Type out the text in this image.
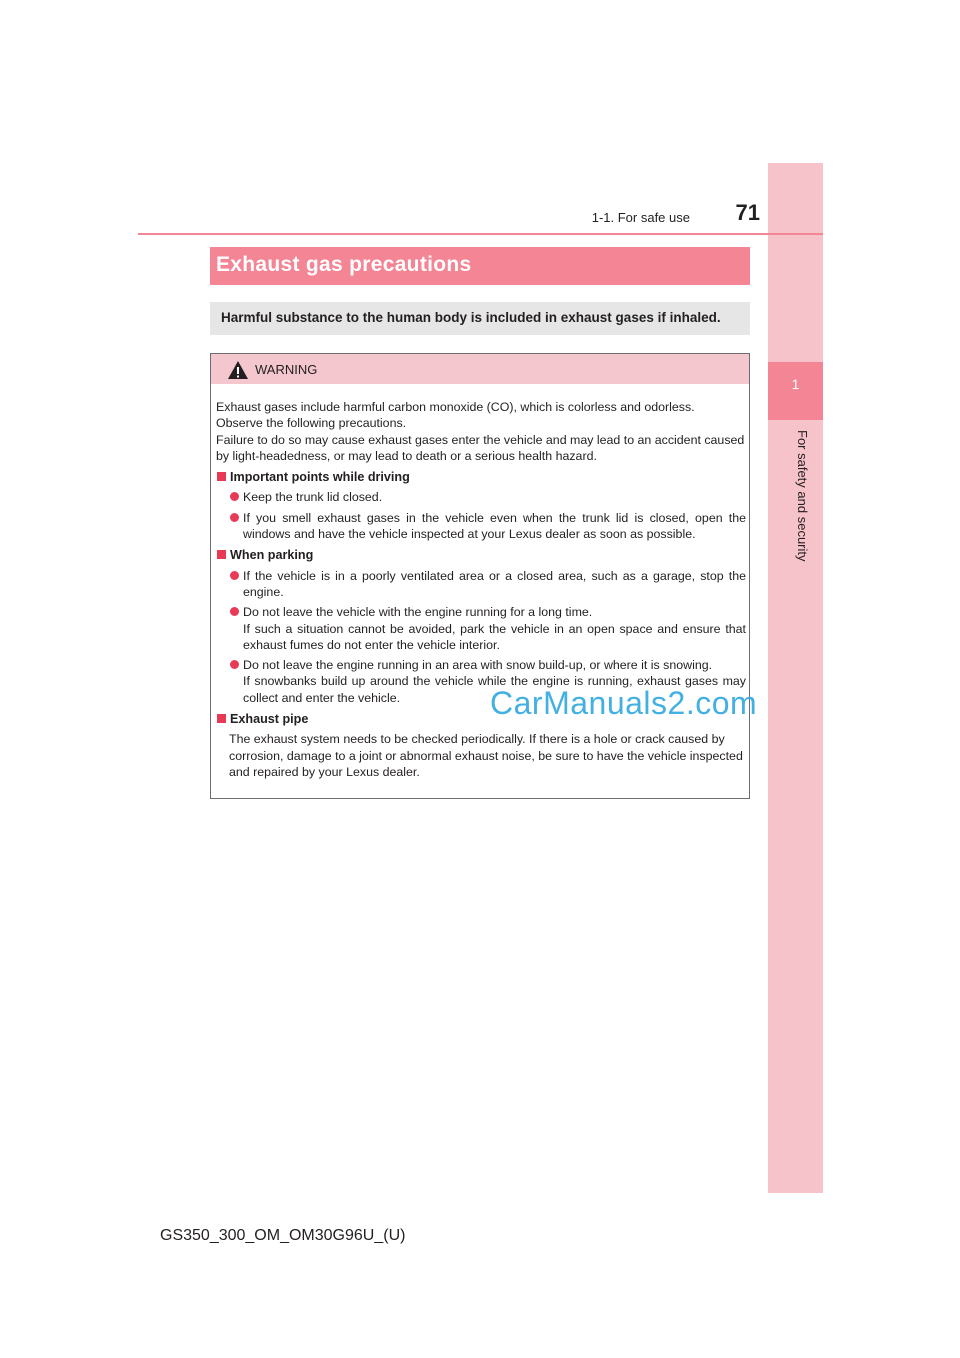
1
For safety and security
1-1. For safe use	71
Exhaust gas precautions
Harmful substance to the human body is included in exhaust gases if inhaled.
WARNING

Exhaust gases include harmful carbon monoxide (CO), which is colorless and odorless.

Observe the following precautions.

Failure to do so may cause exhaust gases enter the vehicle and may lead to an accident caused by light-headedness, or may lead to death or a serious health hazard.

Important points while driving

Keep the trunk lid closed.
If you smell exhaust gases in the vehicle even when the trunk lid is closed, open the windows and have the vehicle inspected at your Lexus dealer as soon as possible.

When parking

If the vehicle is in a poorly ventilated area or a closed area, such as a garage, stop the engine.
Do not leave the vehicle with the engine running for a long time.
If such a situation cannot be avoided, park the vehicle in an open space and ensure that exhaust fumes do not enter the vehicle interior.
Do not leave the engine running in an area with snow build-up, or where it is snowing.
If snowbanks build up around the vehicle while the engine is running, exhaust gases may collect and enter the vehicle.

Exhaust pipe

The exhaust system needs to be checked periodically. If there is a hole or crack caused by corrosion, damage to a joint or abnormal exhaust noise, be sure to have the vehicle inspected and repaired by your Lexus dealer.

CarManuals2.com
GS350_300_OM_OM30G96U_(U)
